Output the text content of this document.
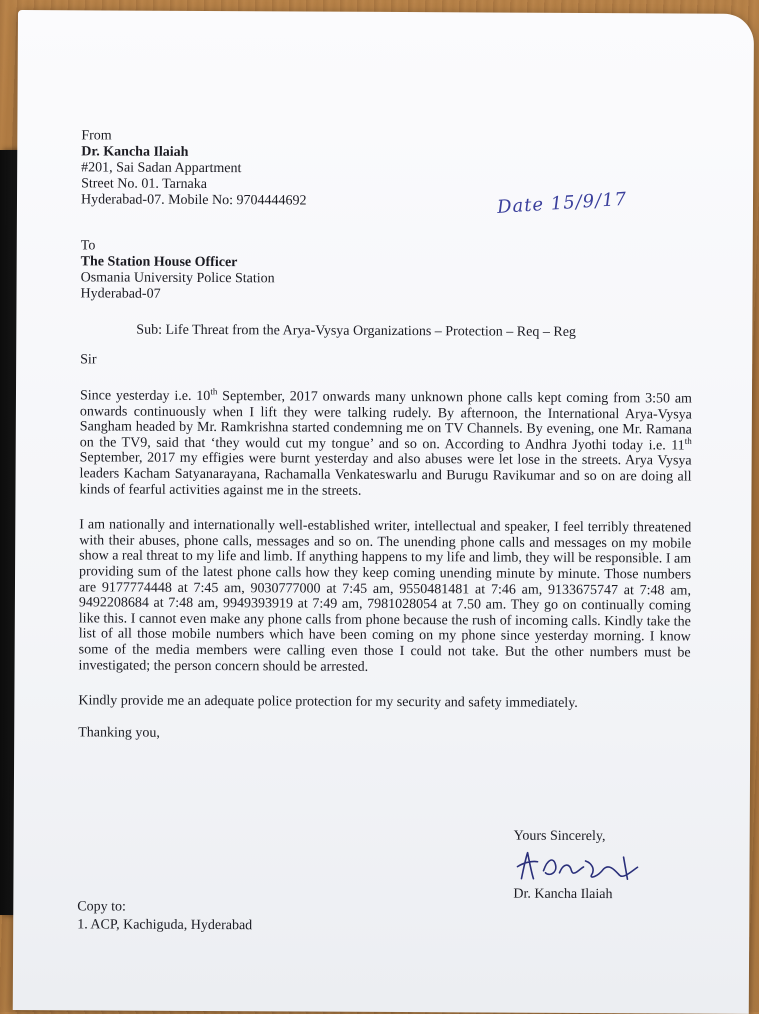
From
Dr. Kancha Ilaiah
#201, Sai Sadan Appartment
Street No. 01. Tarnaka
Hyderabad-07. Mobile No: 9704444692
To
The Station House Officer
Osmania University Police Station
Hyderabad-07
Sub: Life Threat from the Arya-Vysya Organizations – Protection – Req – Reg
Sir

Since yesterday i.e. 10th September, 2017 onwards many unknown phone calls kept coming from 3:50 am onwards continuously when I lift they were talking rudely. By afternoon, the International Arya-Vysya Sangham headed by Mr. Ramkrishna started condemning me on TV Channels. By evening, one Mr. Ramana on the TV9, said that ‘they would cut my tongue’ and so on. According to Andhra Jyothi today i.e. 11th September, 2017 my effigies were burnt yesterday and also abuses were let lose in the streets. Arya Vysya leaders Kacham Satyanarayana, Rachamalla Venkateswarlu and Burugu Ravikumar and so on are doing all kinds of fearful activities against me in the streets.

I am nationally and internationally well-established writer, intellectual and speaker, I feel terribly threatened with their abuses, phone calls, messages and so on. The unending phone calls and messages on my mobile show a real threat to my life and limb. If anything happens to my life and limb, they will be responsible. I am providing sum of the latest phone calls how they keep coming unending minute by minute. Those numbers are 9177774448 at 7:45 am, 9030777000 at 7:45 am, 9550481481 at 7:46 am, 9133675747 at 7:48 am, 9492208684 at 7:48 am, 9949393919 at 7:49 am, 7981028054 at 7.50 am. They go on continually coming like this. I cannot even make any phone calls from phone because the rush of incoming calls. Kindly take the list of all those mobile numbers which have been coming on my phone since yesterday morning. I know some of the media members were calling even those I could not take. But the other numbers must be investigated; the person concern should be arrested.

Kindly provide me an adequate police protection for my security and safety immediately.

Thanking you,
Date 15/9/17
Yours Sincerely,
Dr. Kancha Ilaiah
Copy to:
1. ACP, Kachiguda, Hyderabad
